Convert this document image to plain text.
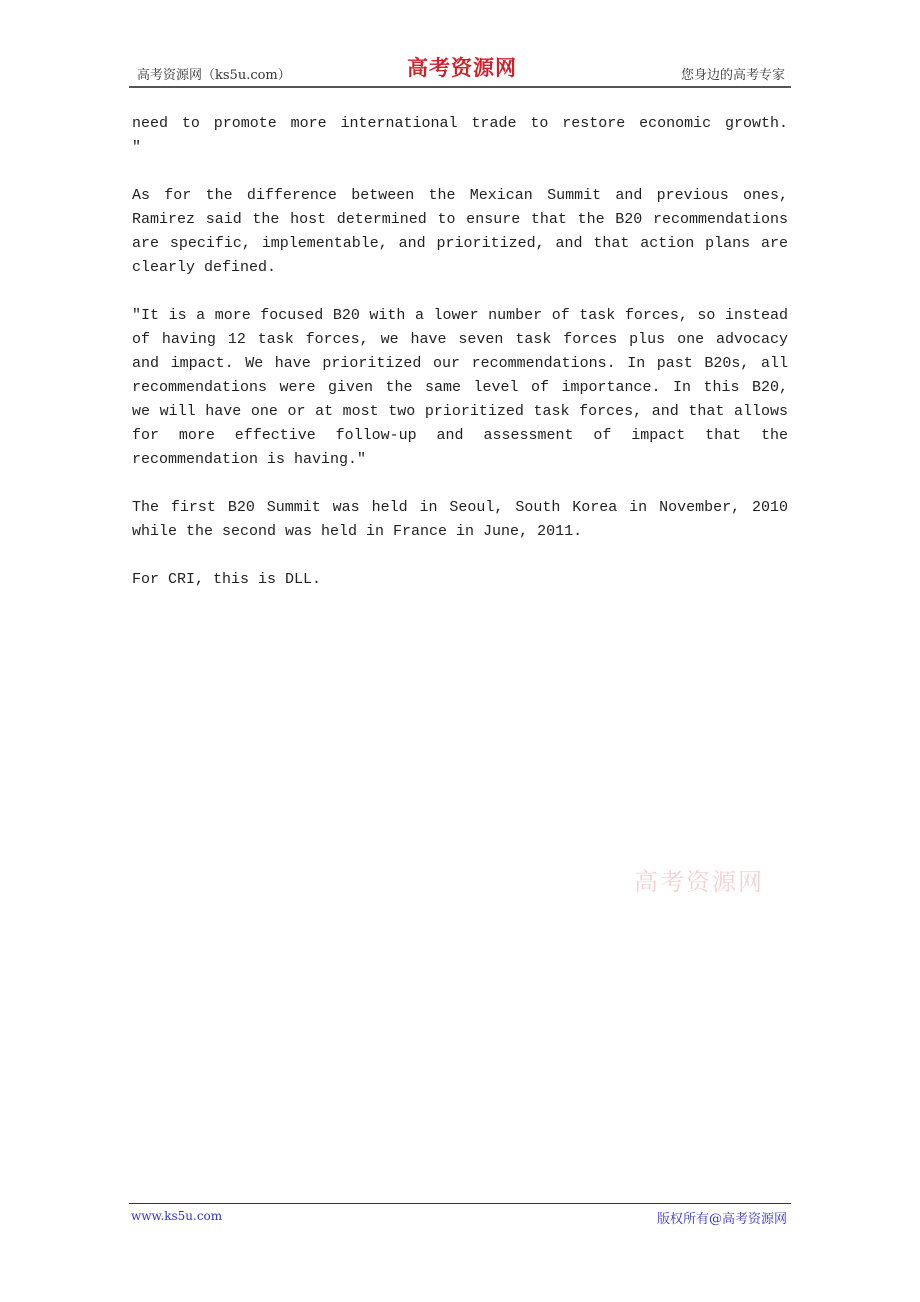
高考资源网（ks5u.com）	高考资源网	您身边的高考专家
need to promote more international trade to restore economic growth.
"
As for the difference between the Mexican Summit and previous ones,
Ramirez said the host determined to ensure that the B20 recommendations
are specific, implementable, and prioritized, and that action plans are
clearly defined.
"It is a more focused B20 with a lower number of task forces, so instead
of having 12 task forces, we have seven task forces plus one advocacy
and impact. We have prioritized our recommendations. In past B20s, all
recommendations were given the same level of importance. In this B20,
we will have one or at most two prioritized task forces, and that allows
for more effective follow-up and assessment of impact that the
recommendation is having."
The first B20 Summit was held in Seoul, South Korea in November, 2010
while the second was held in France in June, 2011.
For CRI, this is DLL.
高考资源网
www.ks5u.com	版权所有@高考资源网
